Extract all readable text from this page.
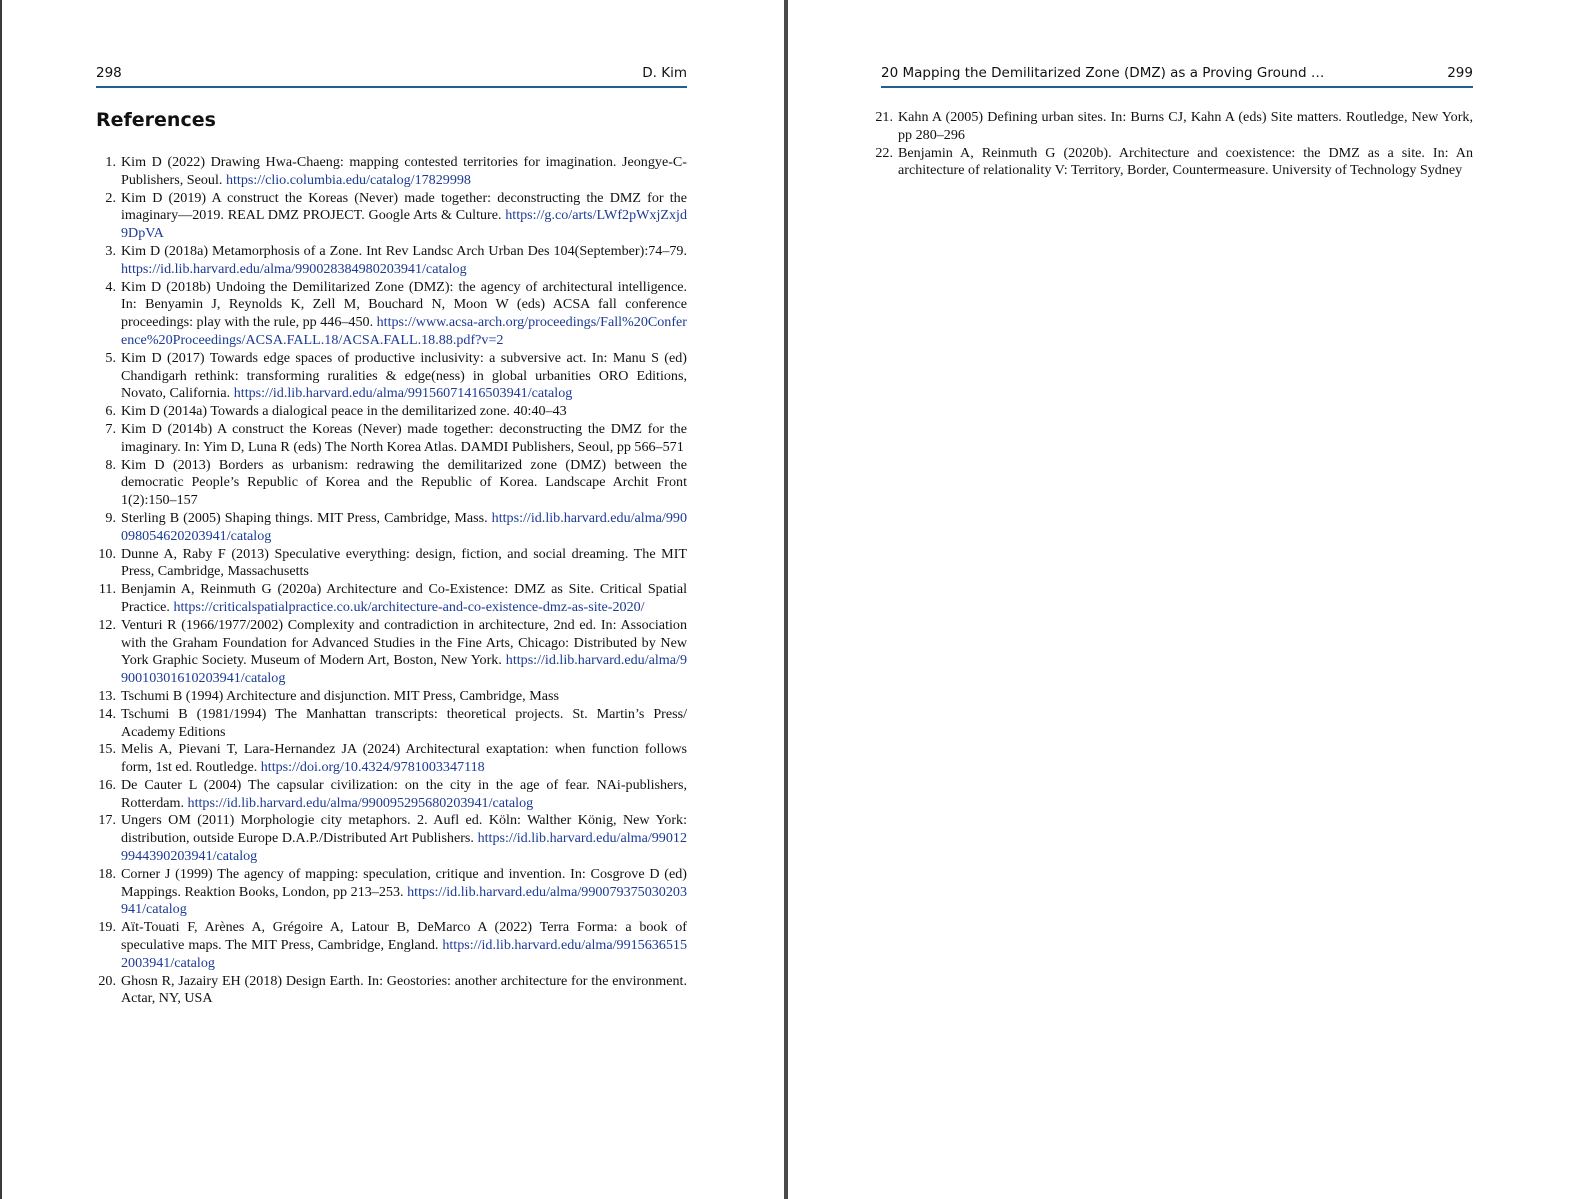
298	D. Kim
References
1. Kim D (2022) Drawing Hwa-Chaeng: mapping contested territories for imagination. Jeongye-C-Publishers, Seoul. https://clio.columbia.edu/catalog/17829998
2. Kim D (2019) A construct the Koreas (Never) made together: deconstructing the DMZ for the imaginary—2019. REAL DMZ PROJECT. Google Arts & Culture. https://g.co/arts/LWf2pWxjZxjd9DpVA
3. Kim D (2018a) Metamorphosis of a Zone. Int Rev Landsc Arch Urban Des 104(September):74–79. https://id.lib.harvard.edu/alma/990028384980203941/catalog
4. Kim D (2018b) Undoing the Demilitarized Zone (DMZ): the agency of architectural intelligence. In: Benyamin J, Reynolds K, Zell M, Bouchard N, Moon W (eds) ACSA fall conference proceedings: play with the rule, pp 446–450. https://www.acsa-arch.org/proceedings/Fall%20Conference%20Proceedings/ACSA.FALL.18/ACSA.FALL.18.88.pdf?v=2
5. Kim D (2017) Towards edge spaces of productive inclusivity: a subversive act. In: Manu S (ed) Chandigarh rethink: transforming ruralities & edge(ness) in global urbanities ORO Editions, Novato, California. https://id.lib.harvard.edu/alma/99156071416503941/catalog
6. Kim D (2014a) Towards a dialogical peace in the demilitarized zone. 40:40–43
7. Kim D (2014b) A construct the Koreas (Never) made together: deconstructing the DMZ for the imaginary. In: Yim D, Luna R (eds) The North Korea Atlas. DAMDI Publishers, Seoul, pp 566–571
8. Kim D (2013) Borders as urbanism: redrawing the demilitarized zone (DMZ) between the democratic People’s Republic of Korea and the Republic of Korea. Landscape Archit Front 1(2):150–157
9. Sterling B (2005) Shaping things. MIT Press, Cambridge, Mass. https://id.lib.harvard.edu/alma/990098054620203941/catalog
10. Dunne A, Raby F (2013) Speculative everything: design, fiction, and social dreaming. The MIT Press, Cambridge, Massachusetts
11. Benjamin A, Reinmuth G (2020a) Architecture and Co-Existence: DMZ as Site. Critical Spatial Practice. https://criticalspatialpractice.co.uk/architecture-and-co-existence-dmz-as-site-2020/
12. Venturi R (1966/1977/2002) Complexity and contradiction in architecture, 2nd ed. In: Association with the Graham Foundation for Advanced Studies in the Fine Arts, Chicago: Distributed by New York Graphic Society. Museum of Modern Art, Boston, New York. https://id.lib.harvard.edu/alma/990010301610203941/catalog
13. Tschumi B (1994) Architecture and disjunction. MIT Press, Cambridge, Mass
14. Tschumi B (1981/1994) The Manhattan transcripts: theoretical projects. St. Martin’s Press/ Academy Editions
15. Melis A, Pievani T, Lara-Hernandez JA (2024) Architectural exaptation: when function follows form, 1st ed. Routledge. https://doi.org/10.4324/9781003347118
16. De Cauter L (2004) The capsular civilization: on the city in the age of fear. NAi-publishers, Rotterdam. https://id.lib.harvard.edu/alma/990095295680203941/catalog
17. Ungers OM (2011) Morphologie city metaphors. 2. Aufl ed. Köln: Walther König, New York: distribution, outside Europe D.A.P./Distributed Art Publishers. https://id.lib.harvard.edu/alma/990129944390203941/catalog
18. Corner J (1999) The agency of mapping: speculation, critique and invention. In: Cosgrove D (ed) Mappings. Reaktion Books, London, pp 213–253. https://id.lib.harvard.edu/alma/990079375030203941/catalog
19. Aït-Touati F, Arènes A, Grégoire A, Latour B, DeMarco A (2022) Terra Forma: a book of speculative maps. The MIT Press, Cambridge, England. https://id.lib.harvard.edu/alma/99156365152003941/catalog
20. Ghosn R, Jazairy EH (2018) Design Earth. In: Geostories: another architecture for the environment. Actar, NY, USA
20 Mapping the Demilitarized Zone (DMZ) as a Proving Ground …	299
21. Kahn A (2005) Defining urban sites. In: Burns CJ, Kahn A (eds) Site matters. Routledge, New York, pp 280–296
22. Benjamin A, Reinmuth G (2020b). Architecture and coexistence: the DMZ as a site. In: An architecture of relationality V: Territory, Border, Countermeasure. University of Technology Sydney
